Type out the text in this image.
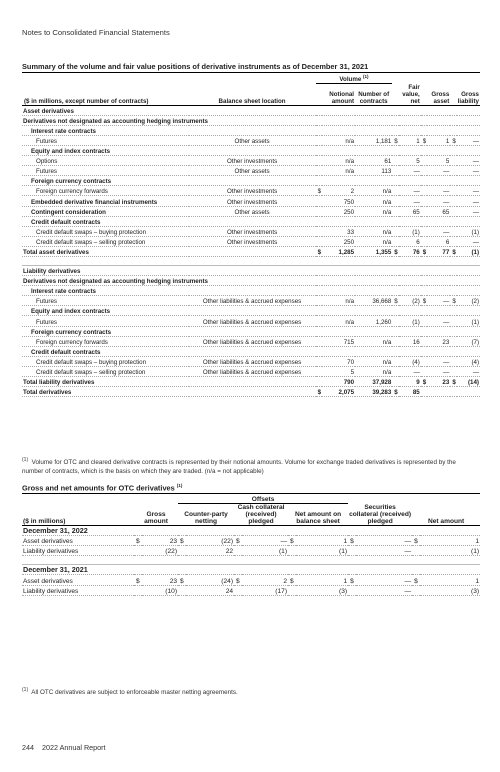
Notes to Consolidated Financial Statements
Summary of the volume and fair value positions of derivative instruments as of December 31, 2021
		Volume $^{(1)}$	
($ in millions, except number of contracts)	Balance sheet location	Notional amount		Number of contracts	Fair value, net		Gross asset		Gross liability	
Asset derivatives										
Derivatives not designated as accounting hedging instruments										
Interest rate contracts										
Futures	Other assets		n/a	1,181	$	1	$	1	$	—
Equity and index contracts										
Options	Other investments		n/a	61		5		5		—
Futures	Other assets		n/a	113		—		—		—
Foreign currency contracts										
Foreign currency forwards	Other investments	$	2	n/a		—		—		—
Embedded derivative financial instruments	Other investments		750	n/a		—		—		—
Contingent consideration	Other assets		250	n/a		65		65		—
Credit default contracts										
Credit default swaps – buying protection	Other investments		33	n/a		(1)		—		(1)
Credit default swaps – selling protection	Other investments		250	n/a		6		6		—
Total asset derivatives		$	1,285	1,355	$	76	$	77	$	(1)

Liability derivatives										
Derivatives not designated as accounting hedging instruments										
Interest rate contracts										
Futures	Other liabilities & accrued expenses		n/a	36,668	$	(2)	$	—	$	(2)
Equity and index contracts										
Futures	Other liabilities & accrued expenses		n/a	1,260		(1)		—		(1)
Foreign currency contracts										
Foreign currency forwards	Other liabilities & accrued expenses		715	n/a		16		23		(7)
Credit default contracts										
Credit default swaps – buying protection	Other liabilities & accrued expenses		70	n/a		(4)		—		(4)
Credit default swaps – selling protection	Other liabilities & accrued expenses		5	n/a		—		—		—
Total liability derivatives			790	37,928		9	$	23	$	(14)
Total derivatives		$	2,075	39,283	$	85				
$^{(1)}$ Volume for OTC and cleared derivative contracts is represented by their notional amounts. Volume for exchange traded derivatives is represented by the number of contracts, which is the basis on which they are traded. (n/a = not applicable)
Gross and net amounts for OTC derivatives $^{(1)}$
			Offsets									
($ in millions)	Gross amount		Counter-party netting		Cash collateral (received) pledged		Net amount on balance sheet		Securities collateral (received) pledged		Net amount	
December 31, 2022												
Asset derivatives	$	23	$	(22)	$	—	$	1	$	—	$	1
Liability derivatives		(22)		22		(1)		(1)		—		(1)

December 31, 2021												
Asset derivatives	$	23	$	(24)	$	2	$	1	$	—	$	1
Liability derivatives		(10)		24		(17)		(3)		—		(3)
$^{(1)}$ All OTC derivatives are subject to enforceable master netting agreements.
244 2022 Annual Report
